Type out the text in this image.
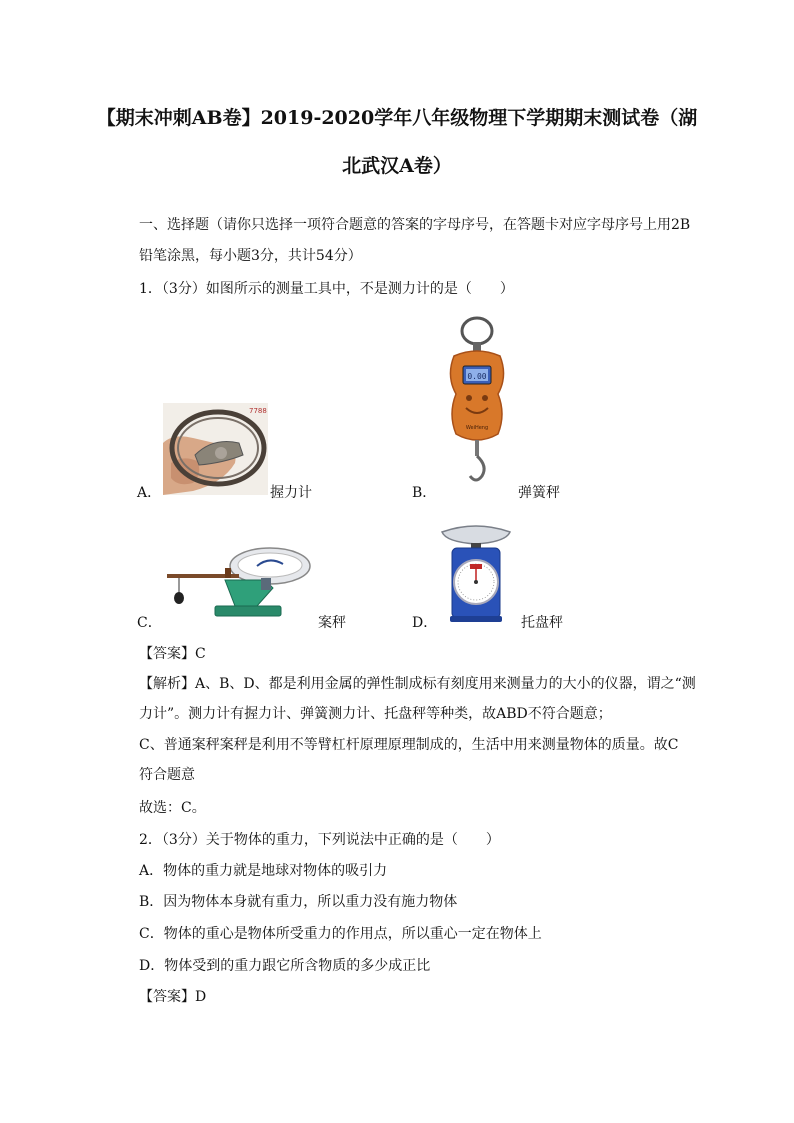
【期末冲刺AB卷】2019-2020学年八年级物理下学期期末测试卷（湖
北武汉A卷）
一、选择题（请你只选择一项符合题意的答案的字母序号，在答题卡对应字母序号上用2B
铅笔涂黑，每小题3分，共计54分）
1．（3分）如图所示的测量工具中，不是测力计的是（　　）
7788
A．	握力计
0.00
WeiHeng
B．	弹簧秤
C．	案秤	D．	托盘秤
【答案】C
【解析】A、B、D、都是利用金属的弹性制成标有刻度用来测量力的大小的仪器，谓之“测
力计”。测力计有握力计、弹簧测力计、托盘秤等种类，故ABD不符合题意；
C、普通案秤案秤是利用不等臂杠杆原理原理制成的，生活中用来测量物体的质量。故C
符合题意
故选：C。
2．（3分）关于物体的重力，下列说法中正确的是（　　）
A．物体的重力就是地球对物体的吸引力
B．因为物体本身就有重力，所以重力没有施力物体
C．物体的重心是物体所受重力的作用点，所以重心一定在物体上
D．物体受到的重力跟它所含物质的多少成正比
【答案】D
